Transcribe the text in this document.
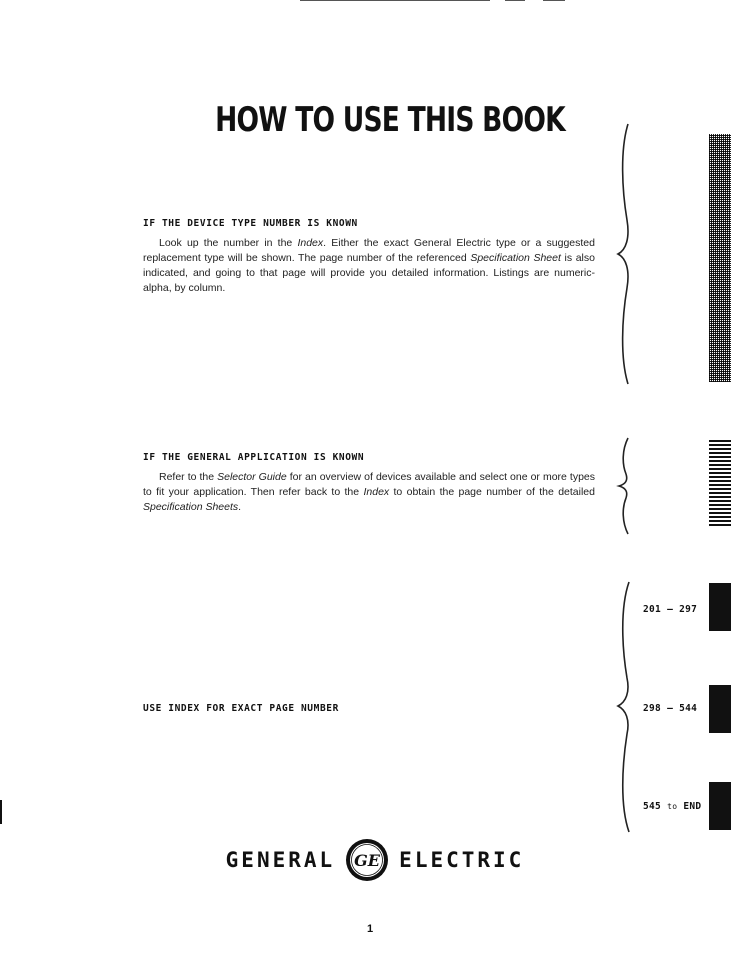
HOW TO USE THIS BOOK
IF THE DEVICE TYPE NUMBER IS KNOWN

Look up the number in the Index. Either the exact General Electric type or a suggested replacement type will be shown. The page number of the referenced Specification Sheet is also indicated, and going to that page will provide you detailed information. Listings are numeric-alpha, by column.

IF THE GENERAL APPLICATION IS KNOWN

Refer to the Selector Guide for an overview of devices available and select one or more types to fit your application. Then refer back to the Index to obtain the page number of the detailed Specification Sheets.

USE INDEX FOR EXACT PAGE NUMBER
201 – 297
298 – 544
545 to END
GENERAL GE ELECTRIC
1
